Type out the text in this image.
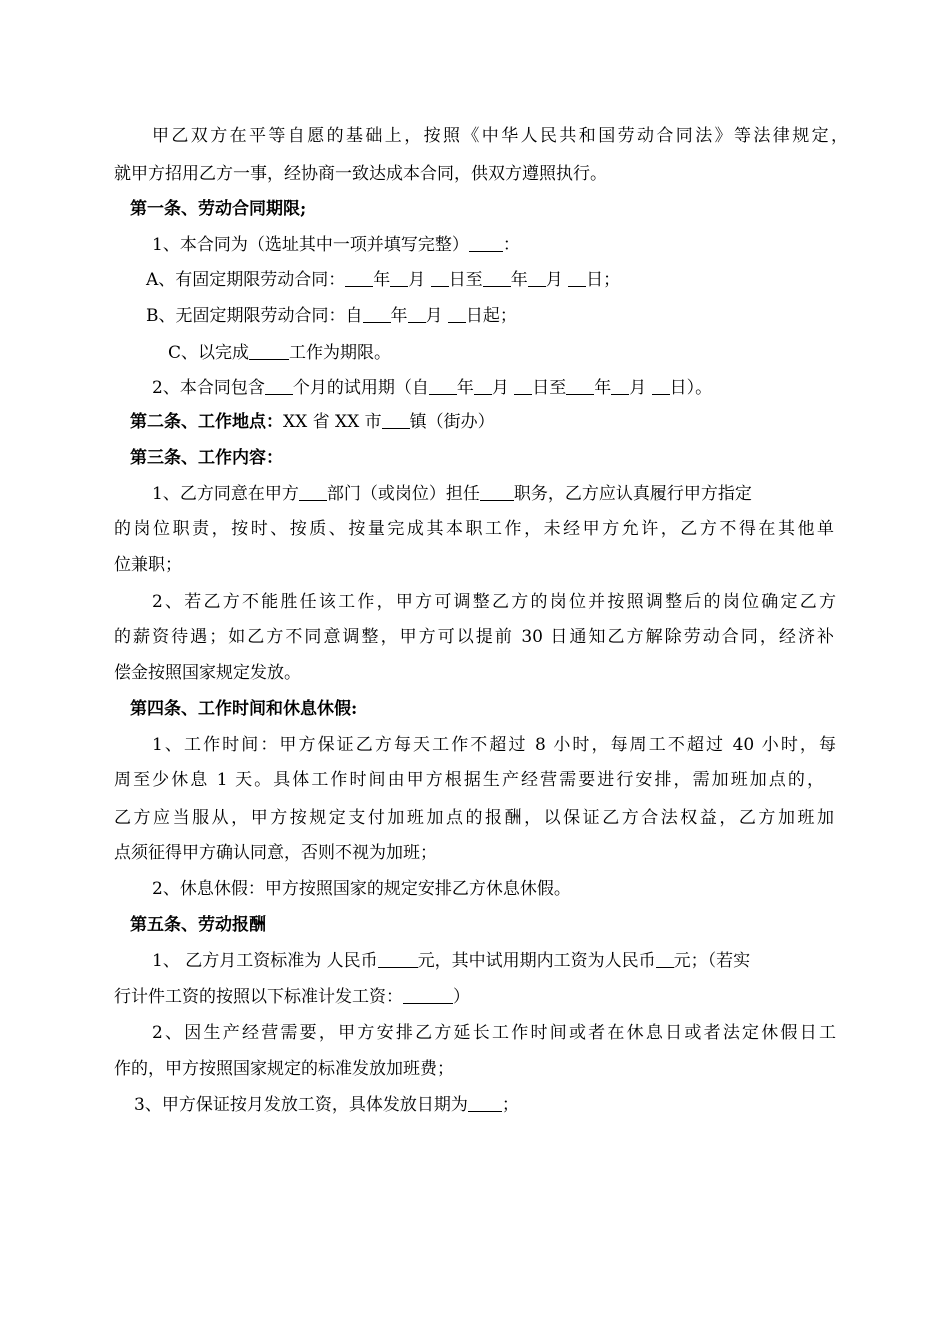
甲乙双方在平等自愿的基础上，按照《中华人民共和国劳动合同法》等法律规定，
就甲方招用乙方一事，经协商一致达成本合同，供双方遵照执行。
第一条、劳动合同期限;
1、本合同为（选址其中一项并填写完整） ：
A、有固定期限劳动合同： 年 月 日至 年 月 日；
B、无固定期限劳动合同：自 年 月 日起；
C、以完成 工作为期限。
2、本合同包含 个月的试用期（自 年 月 日至 年 月 日）。
第二条、工作地点：XX 省 XX 市 镇（街办）
第三条、工作内容：
1、乙方同意在甲方 部门（或岗位）担任 职务，乙方应认真履行甲方指定
的岗位职责，按时、按质、按量完成其本职工作，未经甲方允许，乙方不得在其他单
位兼职；
2、若乙方不能胜任该工作，甲方可调整乙方的岗位并按照调整后的岗位确定乙方
的薪资待遇；如乙方不同意调整，甲方可以提前 30 日通知乙方解除劳动合同，经济补
偿金按照国家规定发放。
第四条、工作时间和休息休假:
1、工作时间：甲方保证乙方每天工作不超过 8 小时，每周工不超过 40 小时，每
周至少休息 1 天。具体工作时间由甲方根据生产经营需要进行安排，需加班加点的，
乙方应当服从，甲方按规定支付加班加点的报酬，以保证乙方合法权益，乙方加班加
点须征得甲方确认同意，否则不视为加班；
2、休息休假：甲方按照国家的规定安排乙方休息休假。
第五条、劳动报酬
1、 乙方月工资标准为 人民币 元，其中试用期内工资为人民币 元；（若实
行计件工资的按照以下标准计发工资：	）
2、因生产经营需要，甲方安排乙方延长工作时间或者在休息日或者法定休假日工
作的，甲方按照国家规定的标准发放加班费；
3、甲方保证按月发放工资，具体发放日期为 ；
